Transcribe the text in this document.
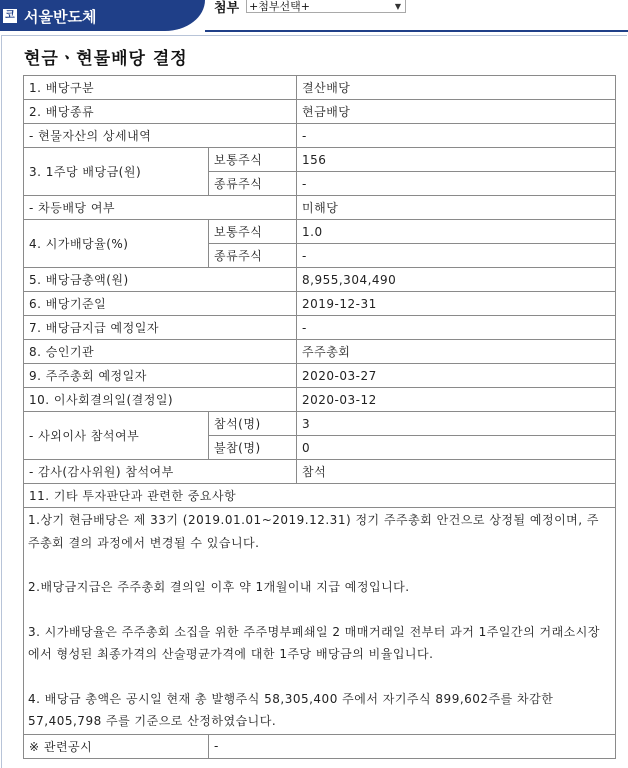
코 서울반도체	첨부 +첨부선택+	▼
현금ㆍ현물배당 결정
1. 배당구분		결산배당
2. 배당종류		현금배당
- 현물자산의 상세내역		-
3. 1주당 배당금(원)	보통주식	156
	종류주식	-
- 차등배당 여부		미해당
4. 시가배당율(%)	보통주식	1.0
	종류주식	-
5. 배당금총액(원)		8,955,304,490
6. 배당기준일		2019-12-31
7. 배당금지급 예정일자		-
8. 승인기관		주주총회
9. 주주총회 예정일자		2020-03-27
10. 이사회결의일(결정일)		2020-03-12
- 사외이사 참석여부	참석(명)	3
	불참(명)	0
- 감사(감사위원) 참석여부		참석
11. 기타 투자판단과 관련한 중요사항		

1.상기 현금배당은 제 33기 (2019.01.01~2019.12.31) 정기 주주총회 안건으로 상정될 예정이며, 주주총회 결의 과정에서 변경될 수 있습니다.
2.배당금지급은 주주총회 결의일 이후 약 1개월이내 지급 예정입니다.
3. 시가배당율은 주주총회 소집을 위한 주주명부폐쇄일 2 매매거래일 전부터 과거 1주일간의 거래소시장에서 형성된 최종가격의 산술평균가격에 대한 1주당 배당금의 비율입니다.
4. 배당금 총액은 공시일 현재 총 발행주식 58,305,400 주에서 자기주식 899,602주를 차감한 57,405,798 주를 기준으로 산정하였습니다.		

※ 관련공시	-	
